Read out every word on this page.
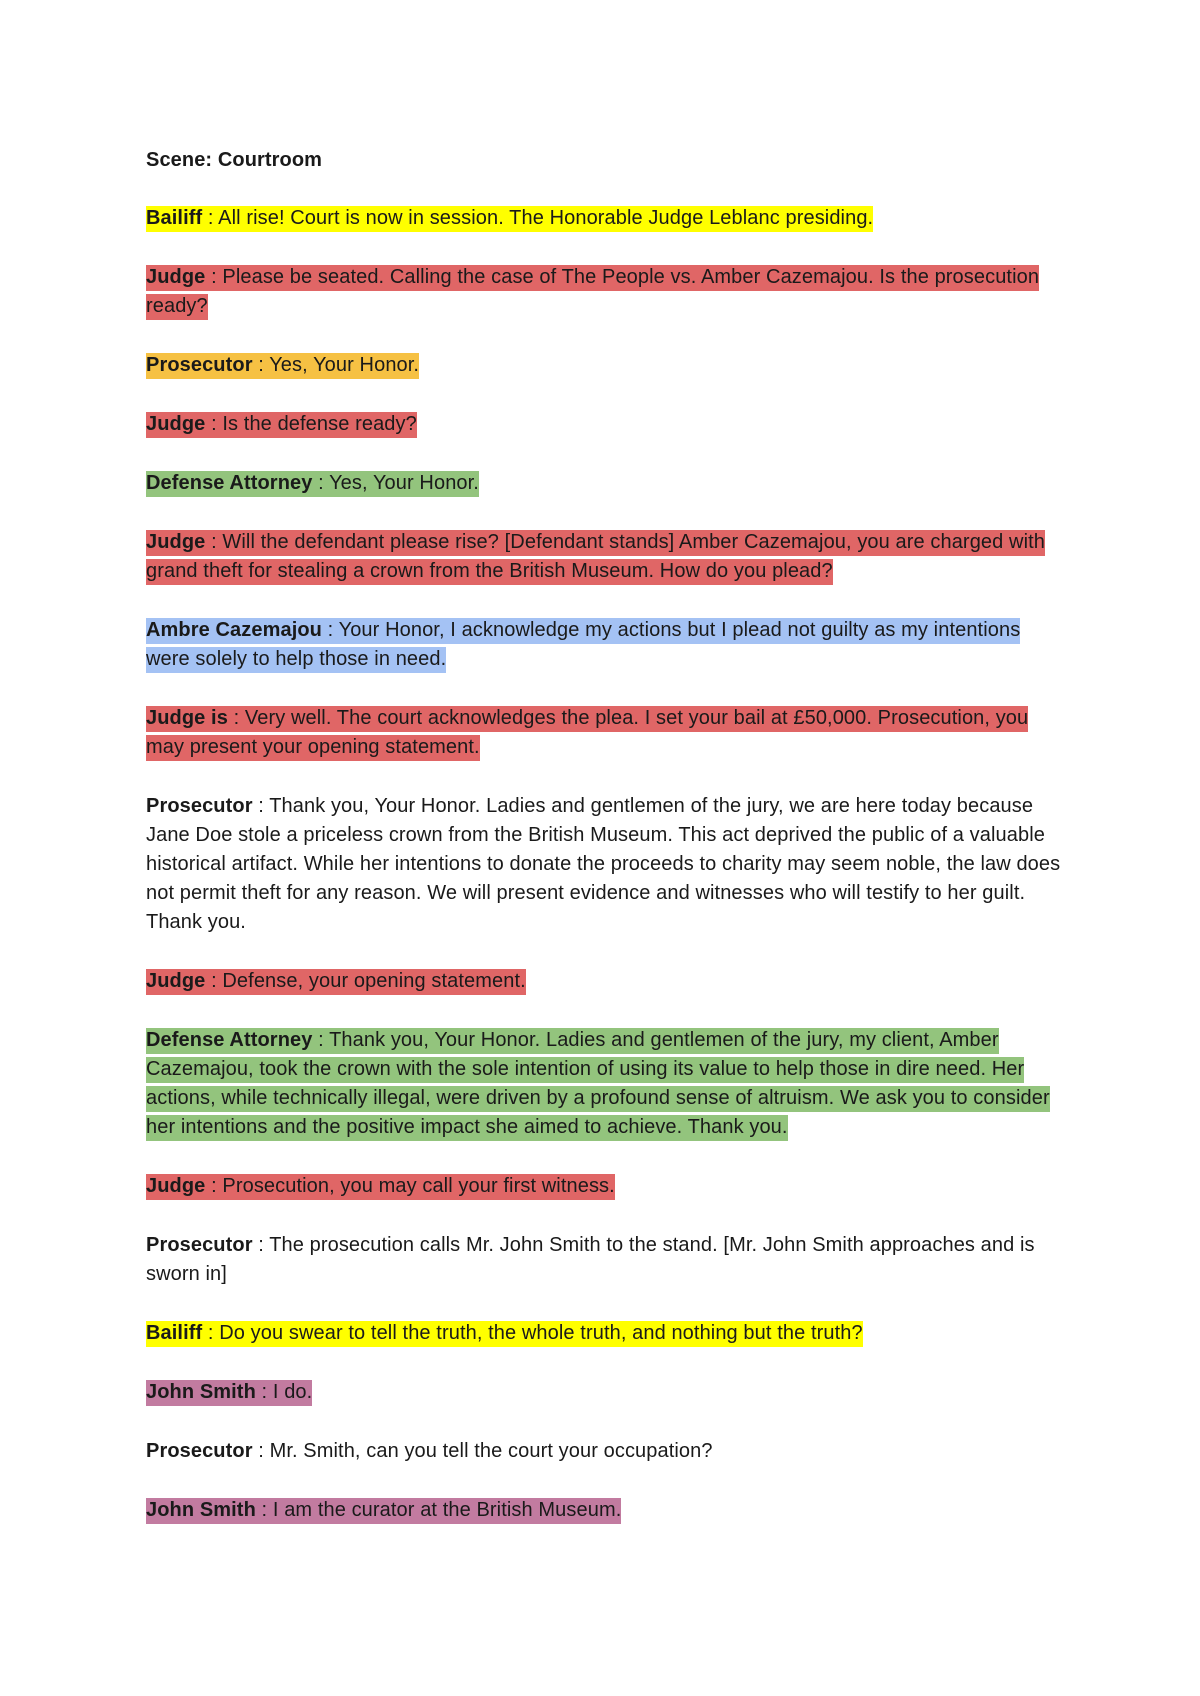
Scene: Courtroom

Bailiff : All rise! Court is now in session. The Honorable Judge Leblanc presiding.

Judge : Please be seated. Calling the case of The People vs. Amber Cazemajou. Is the prosecution ready?

Prosecutor : Yes, Your Honor.

Judge : Is the defense ready?

Defense Attorney : Yes, Your Honor.

Judge : Will the defendant please rise? [Defendant stands] Amber Cazemajou, you are charged with grand theft for stealing a crown from the British Museum. How do you plead?

Ambre Cazemajou : Your Honor, I acknowledge my actions but I plead not guilty as my intentions were solely to help those in need.

Judge is : Very well. The court acknowledges the plea. I set your bail at £50,000. Prosecution, you may present your opening statement.

Prosecutor : Thank you, Your Honor. Ladies and gentlemen of the jury, we are here today because Jane Doe stole a priceless crown from the British Museum. This act deprived the public of a valuable historical artifact. While her intentions to donate the proceeds to charity may seem noble, the law does not permit theft for any reason. We will present evidence and witnesses who will testify to her guilt. Thank you.

Judge : Defense, your opening statement.

Defense Attorney : Thank you, Your Honor. Ladies and gentlemen of the jury, my client, Amber Cazemajou, took the crown with the sole intention of using its value to help those in dire need. Her actions, while technically illegal, were driven by a profound sense of altruism. We ask you to consider her intentions and the positive impact she aimed to achieve. Thank you.

Judge : Prosecution, you may call your first witness.

Prosecutor : The prosecution calls Mr. John Smith to the stand. [Mr. John Smith approaches and is sworn in]

Bailiff : Do you swear to tell the truth, the whole truth, and nothing but the truth?

John Smith : I do.

Prosecutor : Mr. Smith, can you tell the court your occupation?

John Smith : I am the curator at the British Museum.
